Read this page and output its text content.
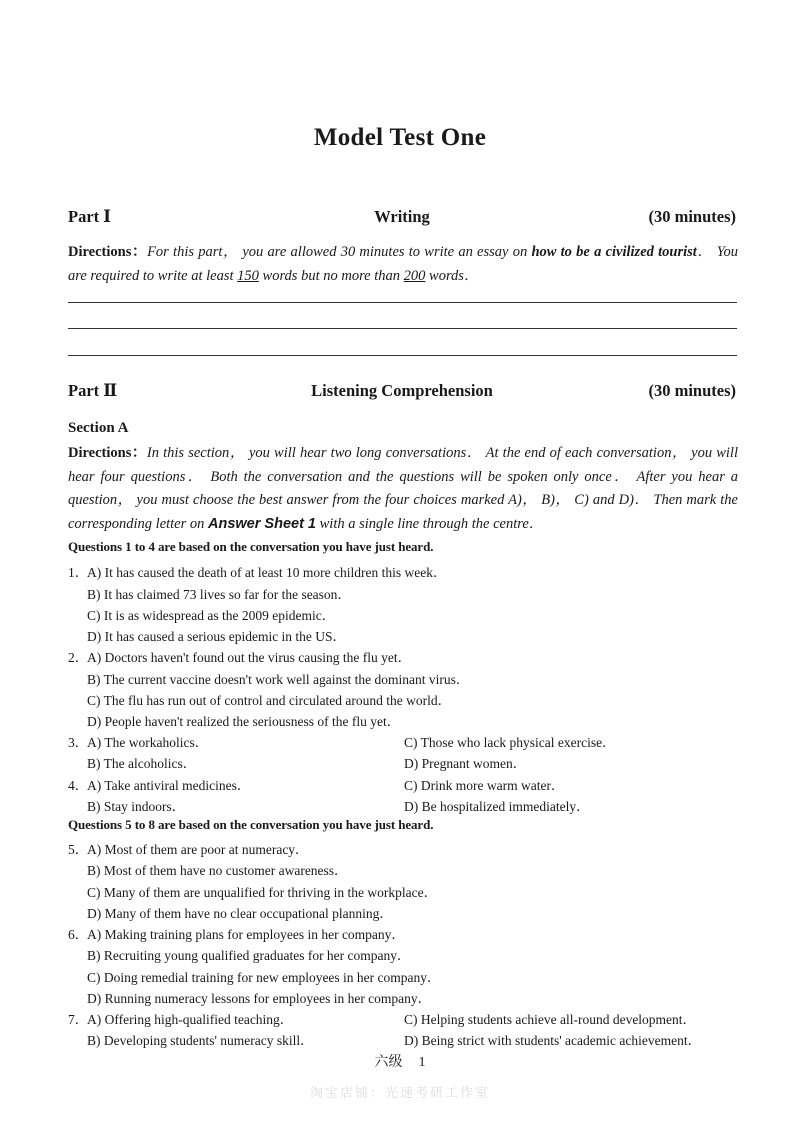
Model Test One
Part Ⅰ	Writing	(30 minutes)
Directions：For this part， you are allowed 30 minutes to write an essay on how to be a civilized tourist． You are required to write at least 150 words but no more than 200 words．
Part Ⅱ	Listening Comprehension	(30 minutes)
Section A
Directions：In this section， you will hear two long conversations． At the end of each conversation， you will hear four questions． Both the conversation and the questions will be spoken only once． After you hear a question， you must choose the best answer from the four choices marked A)， B)， C) and D)． Then mark the corresponding letter on Answer Sheet 1 with a single line through the centre．
Questions 1 to 4 are based on the conversation you have just heard.
1．
A) It has caused the death of at least 10 more children this week．
B) It has claimed 73 lives so far for the season．
C) It is as widespread as the 2009 epidemic．
D) It has caused a serious epidemic in the US．
2．
A) Doctors haven't found out the virus causing the flu yet．
B) The current vaccine doesn't work well against the dominant virus．
C) The flu has run out of control and circulated around the world．
D) People haven't realized the seriousness of the flu yet．
3．
A) The workaholics．	C) Those who lack physical exercise．
B) The alcoholics．	D) Pregnant women．
4．
A) Take antiviral medicines．	C) Drink more warm water．
B) Stay indoors．	D) Be hospitalized immediately．
Questions 5 to 8 are based on the conversation you have just heard.
5．
A) Most of them are poor at numeracy．
B) Most of them have no customer awareness．
C) Many of them are unqualified for thriving in the workplace．
D) Many of them have no clear occupational planning．
6．
A) Making training plans for employees in her company．
B) Recruiting young qualified graduates for her company．
C) Doing remedial training for new employees in her company．
D) Running numeracy lessons for employees in her company．
7．
A) Offering high-qualified teaching．	C) Helping students achieve all-round development．
B) Developing students' numeracy skill．	D) Being strict with students' academic achievement．
六级 1
淘宝店铺：光速考研工作室
